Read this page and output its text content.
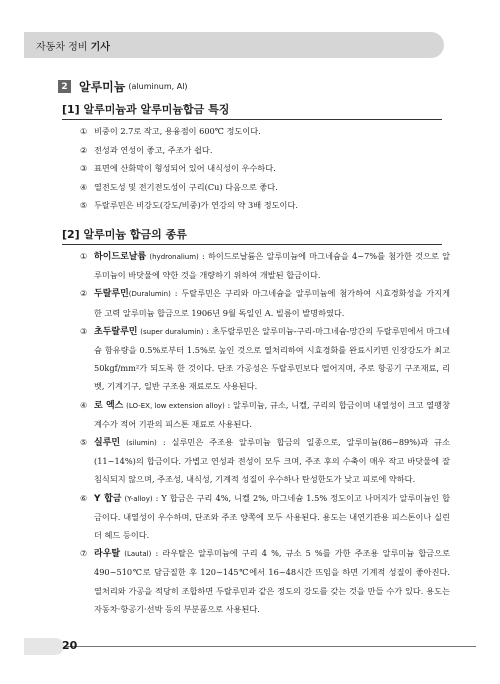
자동차 정비 기사
2 알루미늄 (aluminum, Al)
[1] 알루미늄과 알루미늄합금 특징
① 비중이 2.7로 작고, 용융점이 600℃ 정도이다.
② 전성과 연성이 좋고, 주조가 쉽다.
③ 표면에 산화막이 형성되어 있어 내식성이 우수하다.
④ 열전도성 및 전기전도성이 구리(Cu) 다음으로 좋다.
⑤ 두랄루민은 비강도(강도/비중)가 연강의 약 3배 정도이다.
[2] 알루미늄 합금의 종류
① 하이드로날륨 (hydronalium) : 하이드로날륨은 알루미늄에 마그네슘을 4~7%를 첨가한 것으로 알루미늄이 바닷물에 약한 것을 개량하기 위하여 개발된 합금이다.
② 두랄루민(Duralumin) : 두랄루민은 구리와 마그네슘을 알루미늄에 첨가하여 시효경화성을 가지게 한 고력 알루미늄 합금으로 1906년 9월 독일인 A. 빌름이 발명하였다.
③ 초두랄루민 (super duralumin) : 초두랄루민은 알루미늄-구리-마그네슘-망간의 두랄루민에서 마그네슘 함유량을 0.5%로부터 1.5%로 높인 것으로 열처리하여 시효경화를 완료시키면 인장강도가 최고 50kgf/mm²가 되도록 한 것이다. 단조 가공성은 두랄루민보다 떨어지며, 주로 항공기 구조재료, 리벳, 기계기구, 일반 구조용 재료로도 사용된다.
④ 로 엑스 (LO-EX, low extension alloy) : 알루미늄, 규소, 니켈, 구리의 합금이며 내열성이 크고 열팽창 계수가 적어 기관의 피스톤 재료로 사용된다.
⑤ 실루민 (silumin) : 실루민은 주조용 알루미늄 합금의 일종으로, 알루미늄(86~89%)과 규소(11~14%)의 합금이다. 가볍고 연성과 전성이 모두 크며, 주조 후의 수축이 매우 작고 바닷물에 잘 침식되지 않으며, 주조성, 내식성, 기계적 성질이 우수하나 탄성한도가 낮고 피로에 약하다.
⑥ Y 합금 (Y-alloy) : Y 합금은 구리 4%, 니켈 2%, 마그네슘 1.5% 정도이고 나머지가 알루미늄인 합금이다. 내열성이 우수하며, 단조와 주조 양쪽에 모두 사용된다. 용도는 내연기관용 피스톤이나 실린더 헤드 등이다.
⑦ 라우탈 (Lautal) : 라우탈은 알루미늄에 구리 4 %, 규소 5 %를 가한 주조용 알루미늄 합금으로 490~510℃로 담금질한 후 120~145℃에서 16~48시간 뜨임을 하면 기계적 성질이 좋아진다. 열처리와 가공을 적당히 조합하면 두랄루민과 같은 정도의 강도를 갖는 것을 만들 수가 있다. 용도는 자동차·항공기·선박 등의 부분품으로 사용된다.
20
